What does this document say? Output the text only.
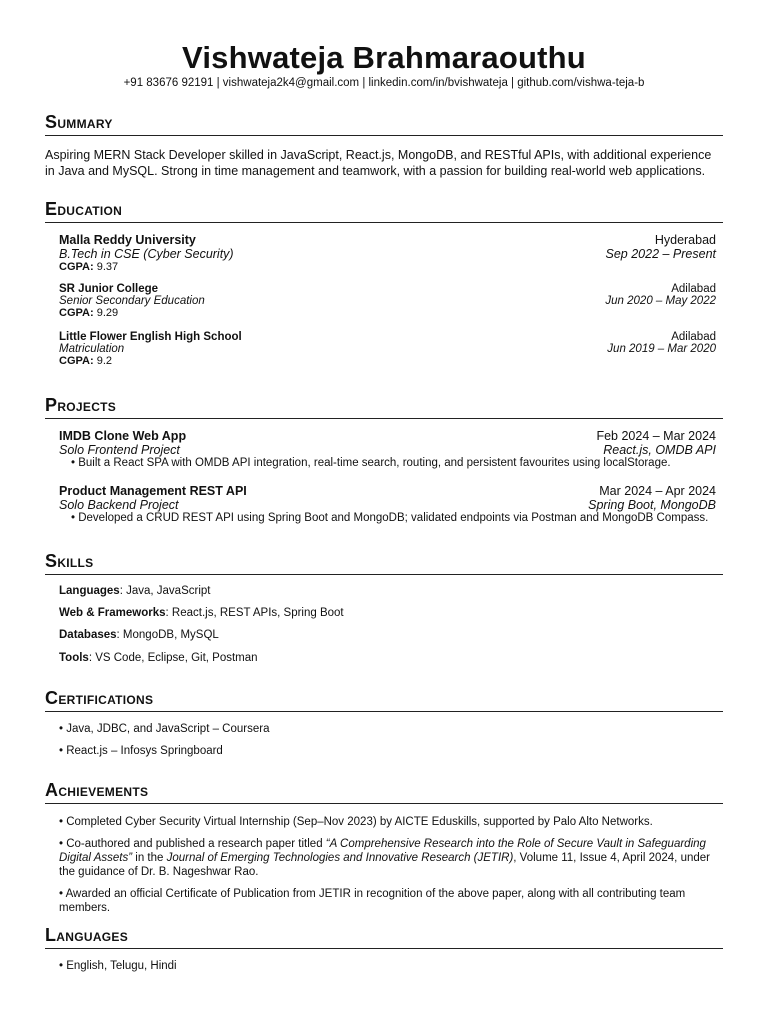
Vishwateja Brahmaraouthu
+91 83676 92191 | vishwateja2k4@gmail.com | linkedin.com/in/bvishwateja | github.com/vishwa-teja-b
Summary
Aspiring MERN Stack Developer skilled in JavaScript, React.js, MongoDB, and RESTful APIs, with additional experience in Java and MySQL. Strong in time management and teamwork, with a passion for building real-world web applications.
Education
Malla Reddy University	Hyderabad
B.Tech in CSE (Cyber Security)	Sep 2022 – Present
CGPA: 9.37
SR Junior College	Adilabad
Senior Secondary Education	Jun 2020 – May 2022
CGPA: 9.29
Little Flower English High School	Adilabad
Matriculation	Jun 2019 – Mar 2020
CGPA: 9.2
Projects
IMDB Clone Web App	Feb 2024 – Mar 2024
Solo Frontend Project	React.js, OMDB API
• Built a React SPA with OMDB API integration, real-time search, routing, and persistent favourites using localStorage.
Product Management REST API	Mar 2024 – Apr 2024
Solo Backend Project	Spring Boot, MongoDB
• Developed a CRUD REST API using Spring Boot and MongoDB; validated endpoints via Postman and MongoDB Compass.
Skills
Languages: Java, JavaScript
Web & Frameworks: React.js, REST APIs, Spring Boot
Databases: MongoDB, MySQL
Tools: VS Code, Eclipse, Git, Postman
Certifications
• Java, JDBC, and JavaScript – Coursera
• React.js – Infosys Springboard
Achievements
• Completed Cyber Security Virtual Internship (Sep–Nov 2023) by AICTE Eduskills, supported by Palo Alto Networks.
• Co-authored and published a research paper titled “A Comprehensive Research into the Role of Secure Vault in Safeguarding Digital Assets” in the Journal of Emerging Technologies and Innovative Research (JETIR), Volume 11, Issue 4, April 2024, under the guidance of Dr. B. Nageshwar Rao.
• Awarded an official Certificate of Publication from JETIR in recognition of the above paper, along with all contributing team members.
Languages
• English, Telugu, Hindi
